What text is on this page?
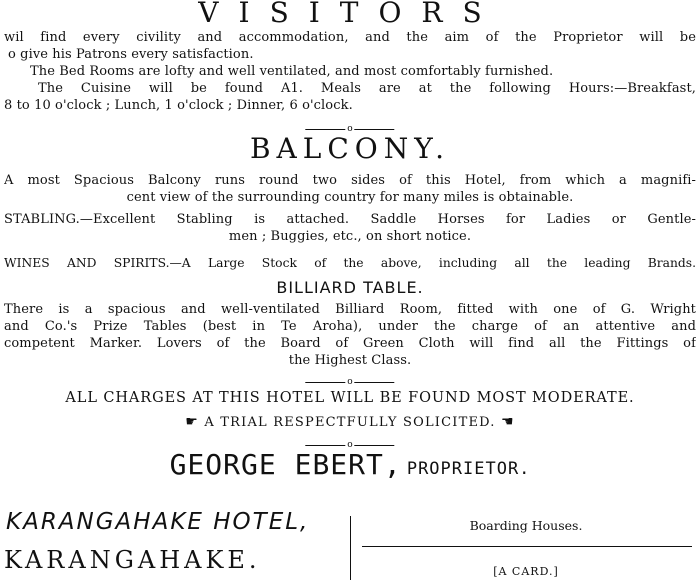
VISITORS
wil find every civility and accommodation, and the aim of the Proprietor will be
o give his Patrons every satisfaction.
The Bed Rooms are lofty and well ventilated, and most comfortably furnished.
The Cuisine will be found A1. Meals are at the following Hours:—Breakfast,
8 to 10 o'clock ; Lunch, 1 o'clock ; Dinner, 6 o'clock.
o
BALCONY.
A most Spacious Balcony runs round two sides of this Hotel, from which a magnifi-
cent view of the surrounding country for many miles is obtainable.
STABLING.—Excellent Stabling is attached. Saddle Horses for Ladies or Gentle-
men ; Buggies, etc., on short notice.
WINES AND SPIRITS.—A Large Stock of the above, including all the leading Brands.
BILLIARD TABLE.
There is a spacious and well-ventilated Billiard Room, fitted with one of G. Wright
and Co.'s Prize Tables (best in Te Aroha), under the charge of an attentive and
competent Marker. Lovers of the Board of Green Cloth will find all the Fittings of
the Highest Class.
o
ALL CHARGES AT THIS HOTEL WILL BE FOUND MOST MODERATE.
☛ A TRIAL RESPECTFULLY SOLICITED. ☚
o
GEORGE EBERT, PROPRIETOR.
KARANGAHAKE HOTEL,
KARANGAHAKE.
Boarding Houses.
[A CARD.]
